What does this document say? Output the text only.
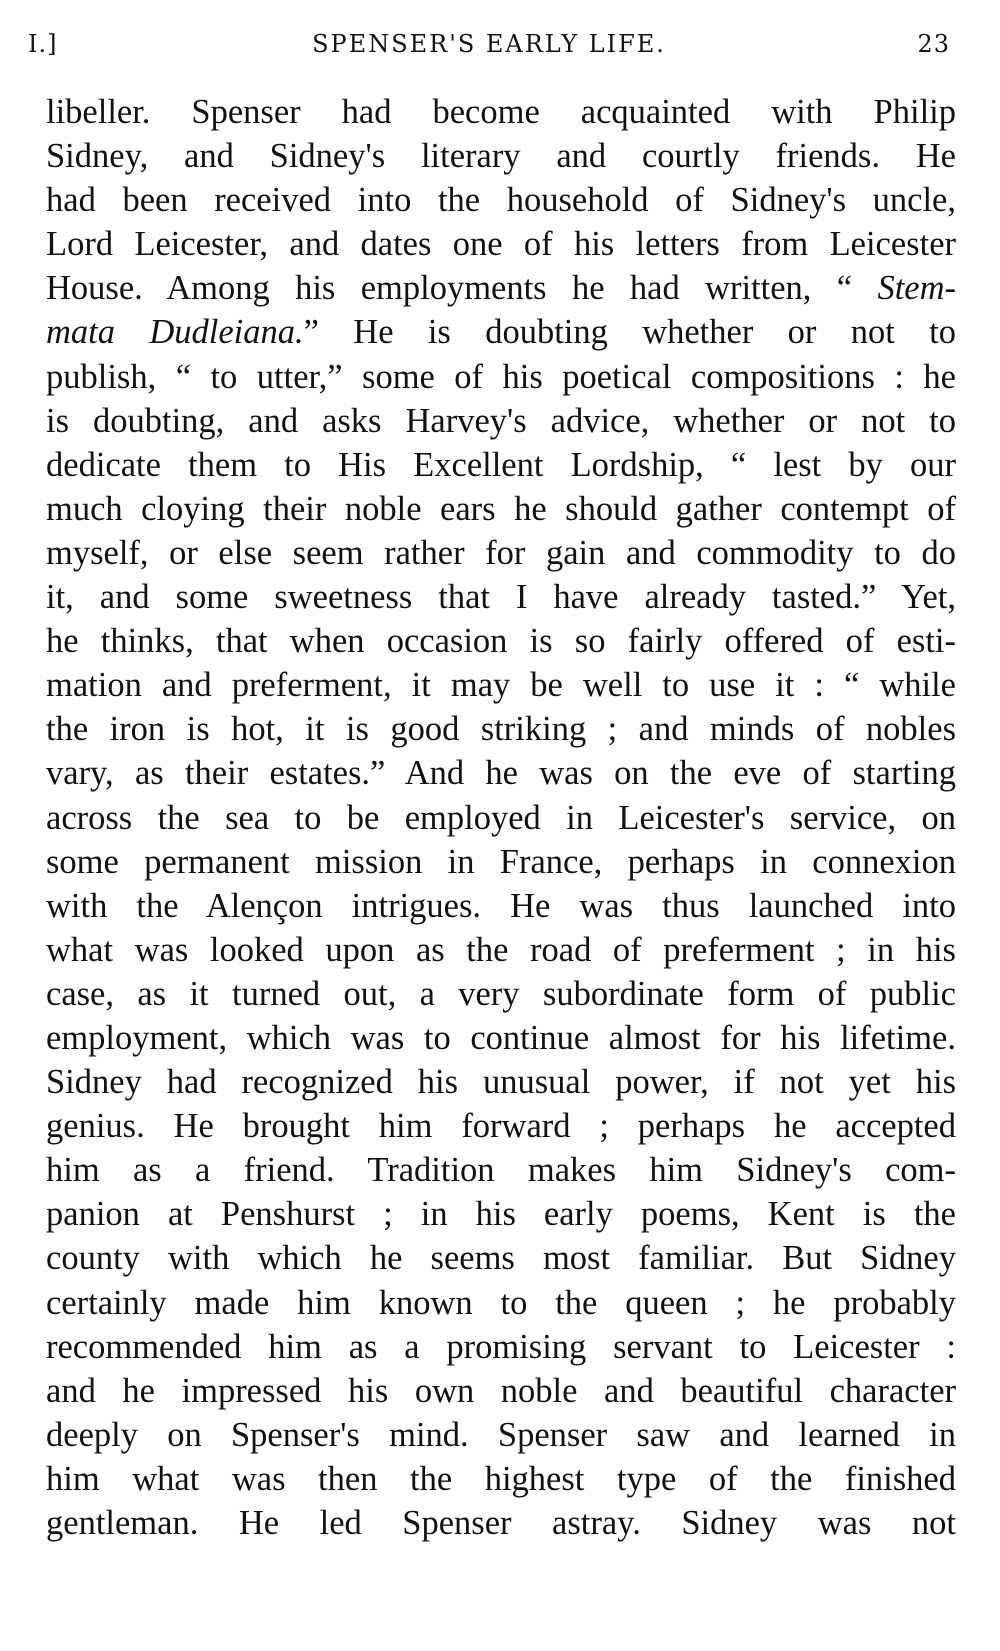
I.]	SPENSER'S EARLY LIFE.	23
libeller. Spenser had become acquainted with Philip
Sidney, and Sidney's literary and courtly friends. He
had been received into the household of Sidney's uncle,
Lord Leicester, and dates one of his letters from Leicester
House. Among his employments he had written, “ Stem-
mata Dudleiana.” He is doubting whether or not to
publish, “ to utter,” some of his poetical compositions : he
is doubting, and asks Harvey's advice, whether or not to
dedicate them to His Excellent Lordship, “ lest by our
much cloying their noble ears he should gather contempt of
myself, or else seem rather for gain and commodity to do
it, and some sweetness that I have already tasted.” Yet,
he thinks, that when occasion is so fairly offered of esti-
mation and preferment, it may be well to use it : “ while
the iron is hot, it is good striking ; and minds of nobles
vary, as their estates.” And he was on the eve of starting
across the sea to be employed in Leicester's service, on
some permanent mission in France, perhaps in connexion
with the Alençon intrigues. He was thus launched into
what was looked upon as the road of preferment ; in his
case, as it turned out, a very subordinate form of public
employment, which was to continue almost for his lifetime.
Sidney had recognized his unusual power, if not yet his
genius. He brought him forward ; perhaps he accepted
him as a friend. Tradition makes him Sidney's com-
panion at Penshurst ; in his early poems, Kent is the
county with which he seems most familiar. But Sidney
certainly made him known to the queen ; he probably
recommended him as a promising servant to Leicester :
and he impressed his own noble and beautiful character
deeply on Spenser's mind. Spenser saw and learned in
him what was then the highest type of the finished
gentleman. He led Spenser astray. Sidney was not
